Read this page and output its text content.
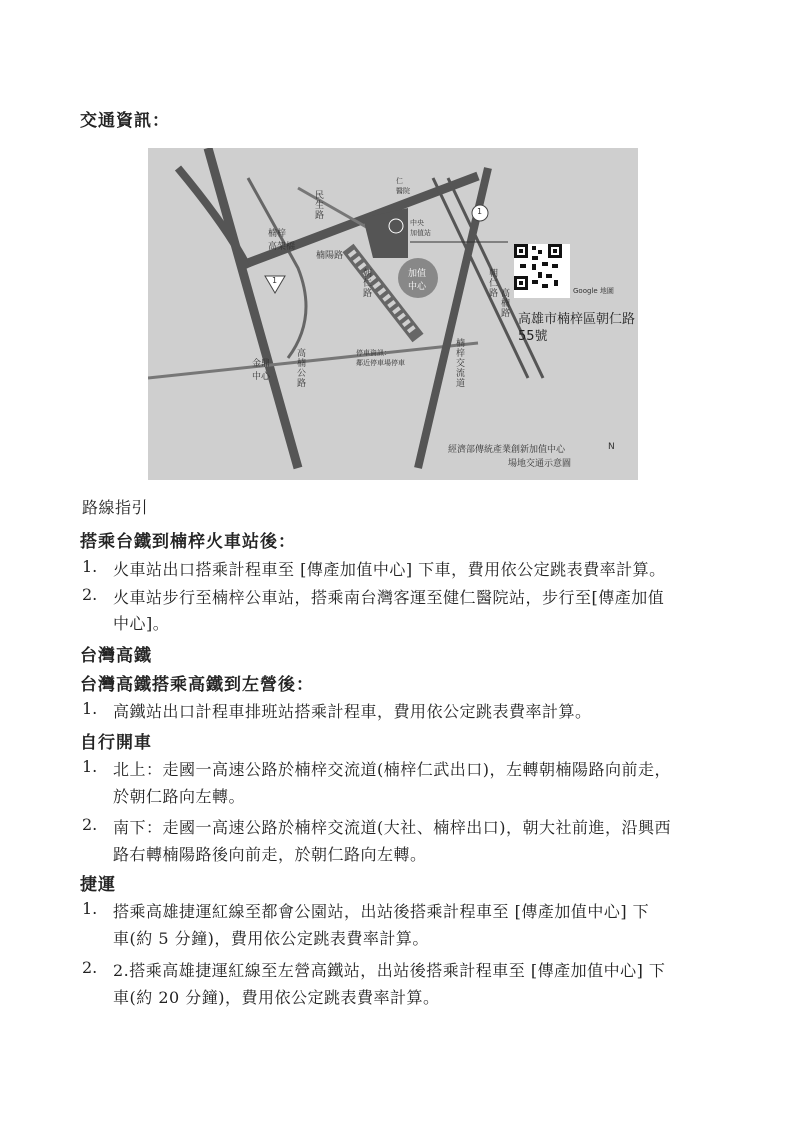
交通資訊：
民生路
楠梓
高架橋
楠陽路
朝仁路
仁
醫院
中央
加值站
加值
中心
1
1
金鼎
中心	高楠公路	停車資訊：
鄰近停車場停車	楠梓交流道
朝仁路
高楠路	Google 地圖
經濟部傳統產業創新加值中心
場地交通示意圖
N
高雄市楠梓區朝仁路
55號
路線指引
搭乘台鐵到楠梓火車站後：
1. 火車站出口搭乘計程車至 [傳產加值中心] 下車，費用依公定跳表費率計算。
2. 火車站步行至楠梓公車站，搭乘南台灣客運至健仁醫院站，步行至[傳產加值
中心]。
台灣高鐵
台灣高鐵搭乘高鐵到左營後：
1. 高鐵站出口計程車排班站搭乘計程車，費用依公定跳表費率計算。
自行開車
1. 北上：走國一高速公路於楠梓交流道(楠梓仁武出口)，左轉朝楠陽路向前走，
於朝仁路向左轉。
2. 南下：走國一高速公路於楠梓交流道(大社、楠梓出口)，朝大社前進，沿興西
路右轉楠陽路後向前走，於朝仁路向左轉。
捷運
1. 搭乘高雄捷運紅線至都會公園站，出站後搭乘計程車至 [傳產加值中心] 下
車(約 5 分鐘)，費用依公定跳表費率計算。
2. 2.搭乘高雄捷運紅線至左營高鐵站，出站後搭乘計程車至 [傳產加值中心] 下
車(約 20 分鐘)，費用依公定跳表費率計算。
